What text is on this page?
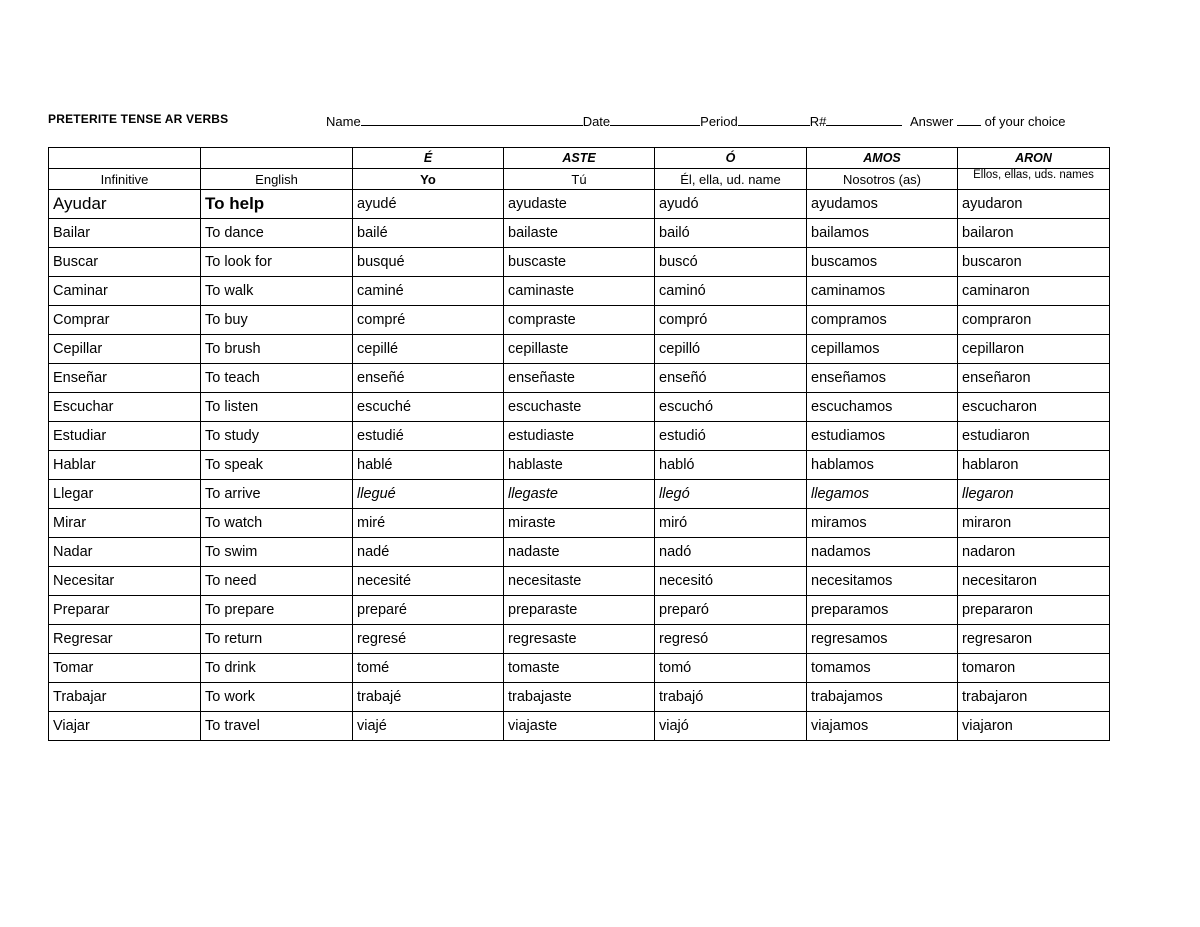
PRETERITE TENSE AR VERBS	Name	Date	Period	R#	Answer of your choice
		É	ASTE	Ó	AMOS	ARON
Infinitive	English	Yo	Tú	Él, ella, ud. name	Nosotros (as)	Ellos, ellas, uds. names
Ayudar	To help	ayudé	ayudaste	ayudó	ayudamos	ayudaron
Bailar	To dance	bailé	bailaste	bailó	bailamos	bailaron
Buscar	To look for	busqué	buscaste	buscó	buscamos	buscaron
Caminar	To walk	caminé	caminaste	caminó	caminamos	caminaron
Comprar	To buy	compré	compraste	compró	compramos	compraron
Cepillar	To brush	cepillé	cepillaste	cepilló	cepillamos	cepillaron
Enseñar	To teach	enseñé	enseñaste	enseñó	enseñamos	enseñaron
Escuchar	To listen	escuché	escuchaste	escuchó	escuchamos	escucharon
Estudiar	To study	estudié	estudiaste	estudió	estudiamos	estudiaron
Hablar	To speak	hablé	hablaste	habló	hablamos	hablaron
Llegar	To arrive	llegué	llegaste	llegó	llegamos	llegaron
Mirar	To watch	miré	miraste	miró	miramos	miraron
Nadar	To swim	nadé	nadaste	nadó	nadamos	nadaron
Necesitar	To need	necesité	necesitaste	necesitó	necesitamos	necesitaron
Preparar	To prepare	preparé	preparaste	preparó	preparamos	prepararon
Regresar	To return	regresé	regresaste	regresó	regresamos	regresaron
Tomar	To drink	tomé	tomaste	tomó	tomamos	tomaron
Trabajar	To work	trabajé	trabajaste	trabajó	trabajamos	trabajaron
Viajar	To travel	viajé	viajaste	viajó	viajamos	viajaron
